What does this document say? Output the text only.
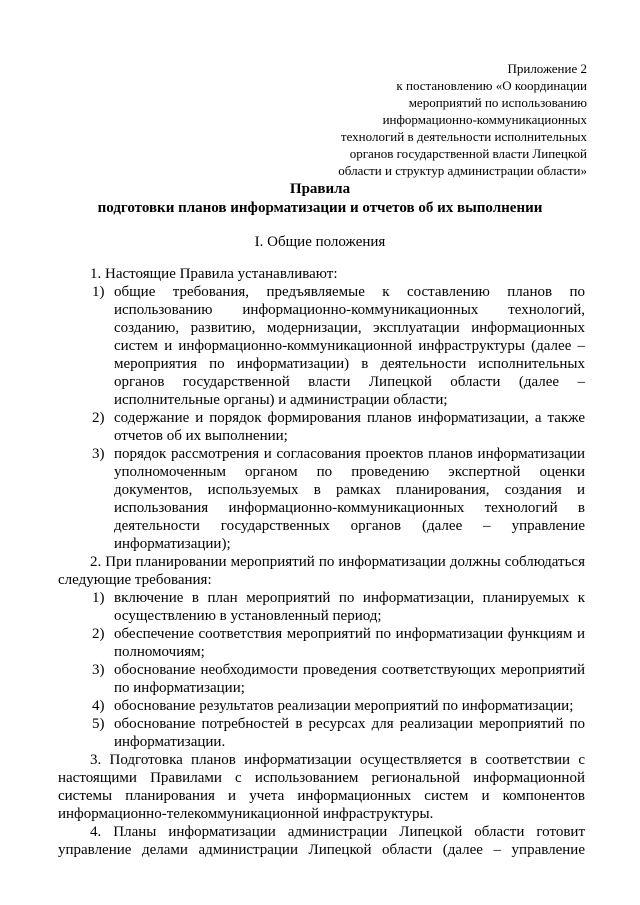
Приложение 2
к постановлению «О координации
мероприятий по использованию
информационно-коммуникационных
технологий в деятельности исполнительных
органов государственной власти Липецкой
области и структур администрации области»
Правила
подготовки планов информатизации и отчетов об их выполнении
I. Общие положения

1. Настоящие Правила устанавливают:

1) общие требования, предъявляемые к составлению планов по использованию информационно-коммуникационных технологий, созданию, развитию, модернизации, эксплуатации информационных систем и информационно-коммуникационной инфраструктуры (далее – мероприятия по информатизации) в деятельности исполнительных органов государственной власти Липецкой области (далее – исполнительные органы) и администрации области;
2) содержание и порядок формирования планов информатизации, а также отчетов об их выполнении;
3) порядок рассмотрения и согласования проектов планов информатизации уполномоченным органом по проведению экспертной оценки документов, используемых в рамках планирования, создания и использования информационно-коммуникационных технологий в деятельности государственных органов (далее – управление информатизации);

2. При планировании мероприятий по информатизации должны соблюдаться следующие требования:

1) включение в план мероприятий по информатизации, планируемых к осуществлению в установленный период;
2) обеспечение соответствия мероприятий по информатизации функциям и полномочиям;
3) обоснование необходимости проведения соответствующих мероприятий по информатизации;
4) обоснование результатов реализации мероприятий по информатизации;
5) обоснование потребностей в ресурсах для реализации мероприятий по информатизации.

3. Подготовка планов информатизации осуществляется в соответствии с настоящими Правилами с использованием региональной информационной системы планирования и учета информационных систем и компонентов информационно-телекоммуникационной инфраструктуры.

4. Планы информатизации администрации Липецкой области готовит управление делами администрации Липецкой области (далее – управление
